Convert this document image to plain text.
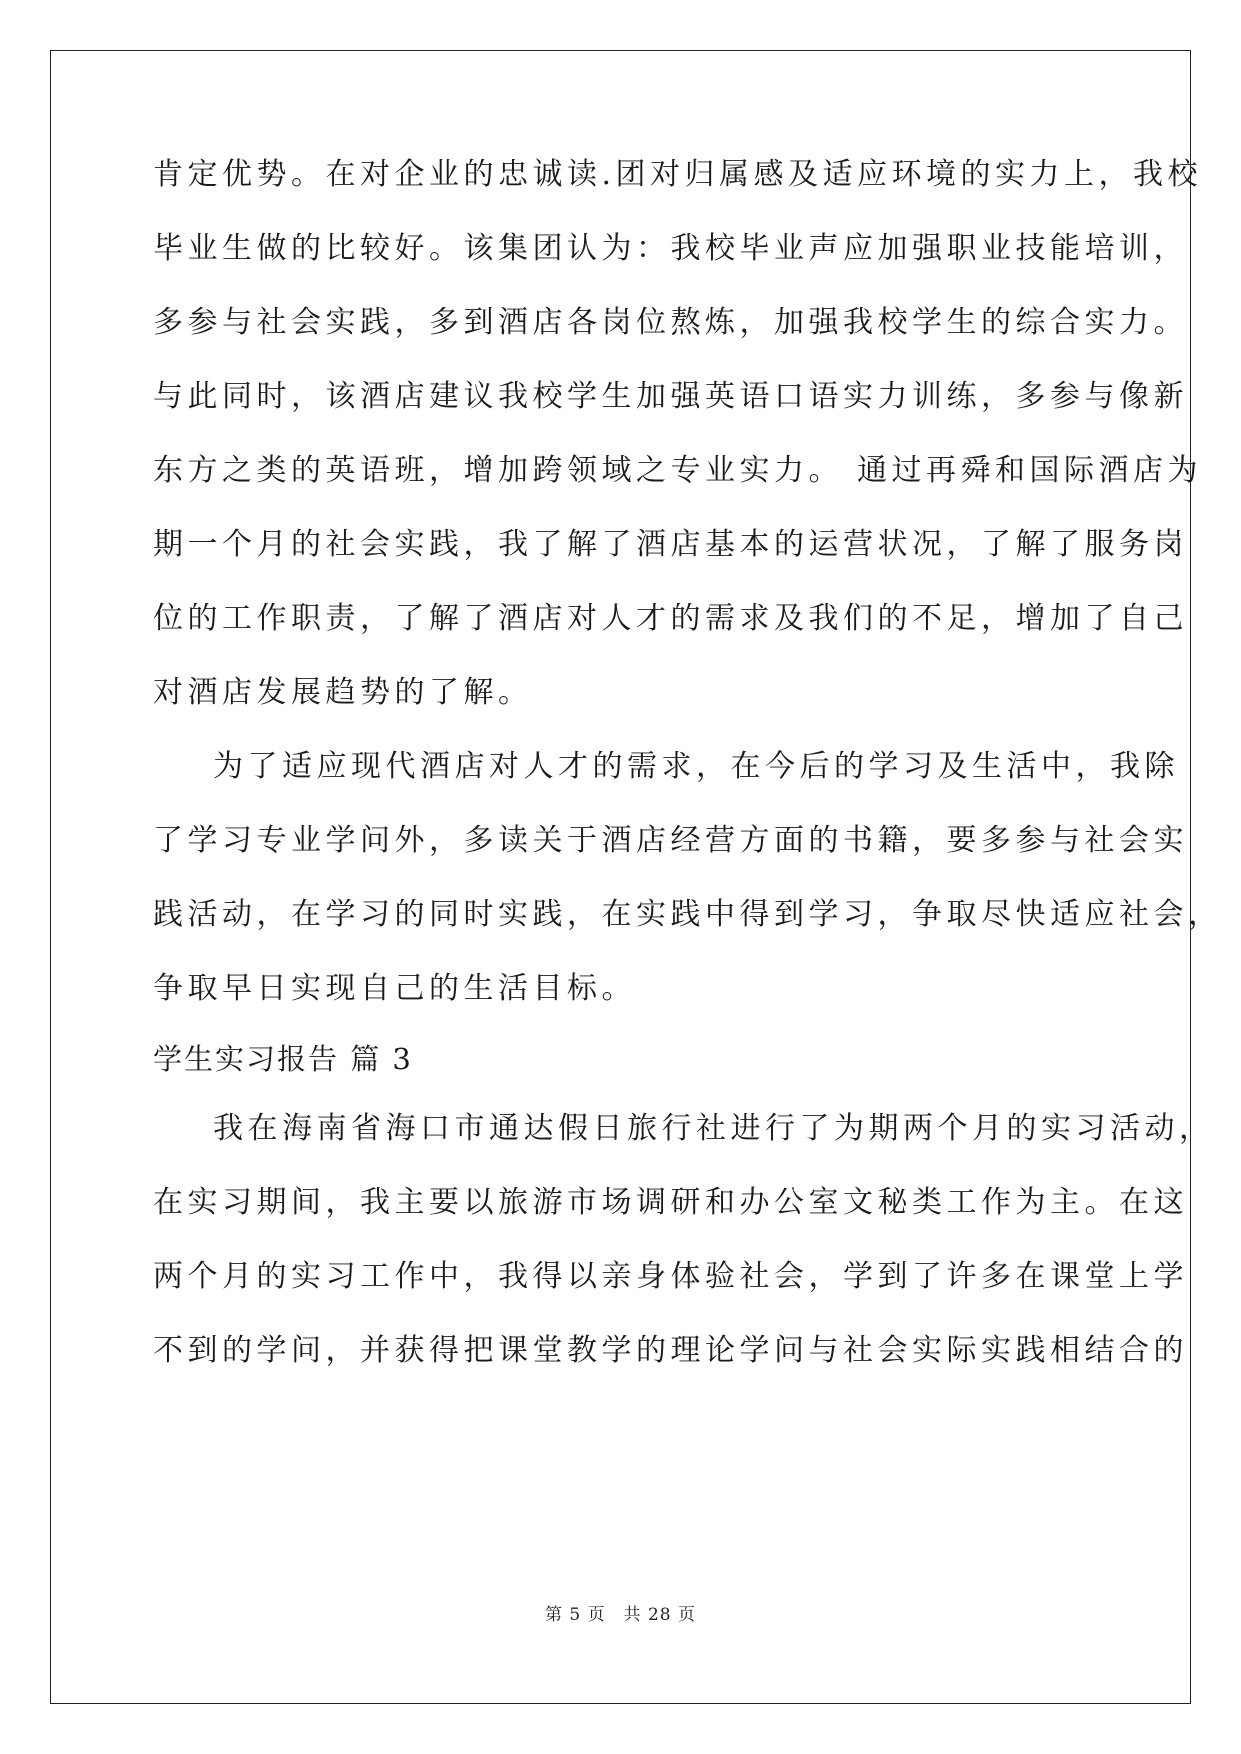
肯定优势。在对企业的忠诚读.团对归属感及适应环境的实力上，我校
毕业生做的比较好。该集团认为：我校毕业声应加强职业技能培训，
多参与社会实践，多到酒店各岗位熬炼，加强我校学生的综合实力。
与此同时，该酒店建议我校学生加强英语口语实力训练，多参与像新
东方之类的英语班，增加跨领域之专业实力。 通过再舜和国际酒店为
期一个月的社会实践，我了解了酒店基本的运营状况，了解了服务岗
位的工作职责，了解了酒店对人才的需求及我们的不足，增加了自己
对酒店发展趋势的了解。
为了适应现代酒店对人才的需求，在今后的学习及生活中，我除
了学习专业学问外，多读关于酒店经营方面的书籍，要多参与社会实
践活动，在学习的同时实践，在实践中得到学习，争取尽快适应社会，
争取早日实现自己的生活目标。
学生实习报告 篇 3
我在海南省海口市通达假日旅行社进行了为期两个月的实习活动，
在实习期间，我主要以旅游市场调研和办公室文秘类工作为主。在这
两个月的实习工作中，我得以亲身体验社会，学到了许多在课堂上学
不到的学问，并获得把课堂教学的理论学问与社会实际实践相结合的
第 5 页　共 28 页
